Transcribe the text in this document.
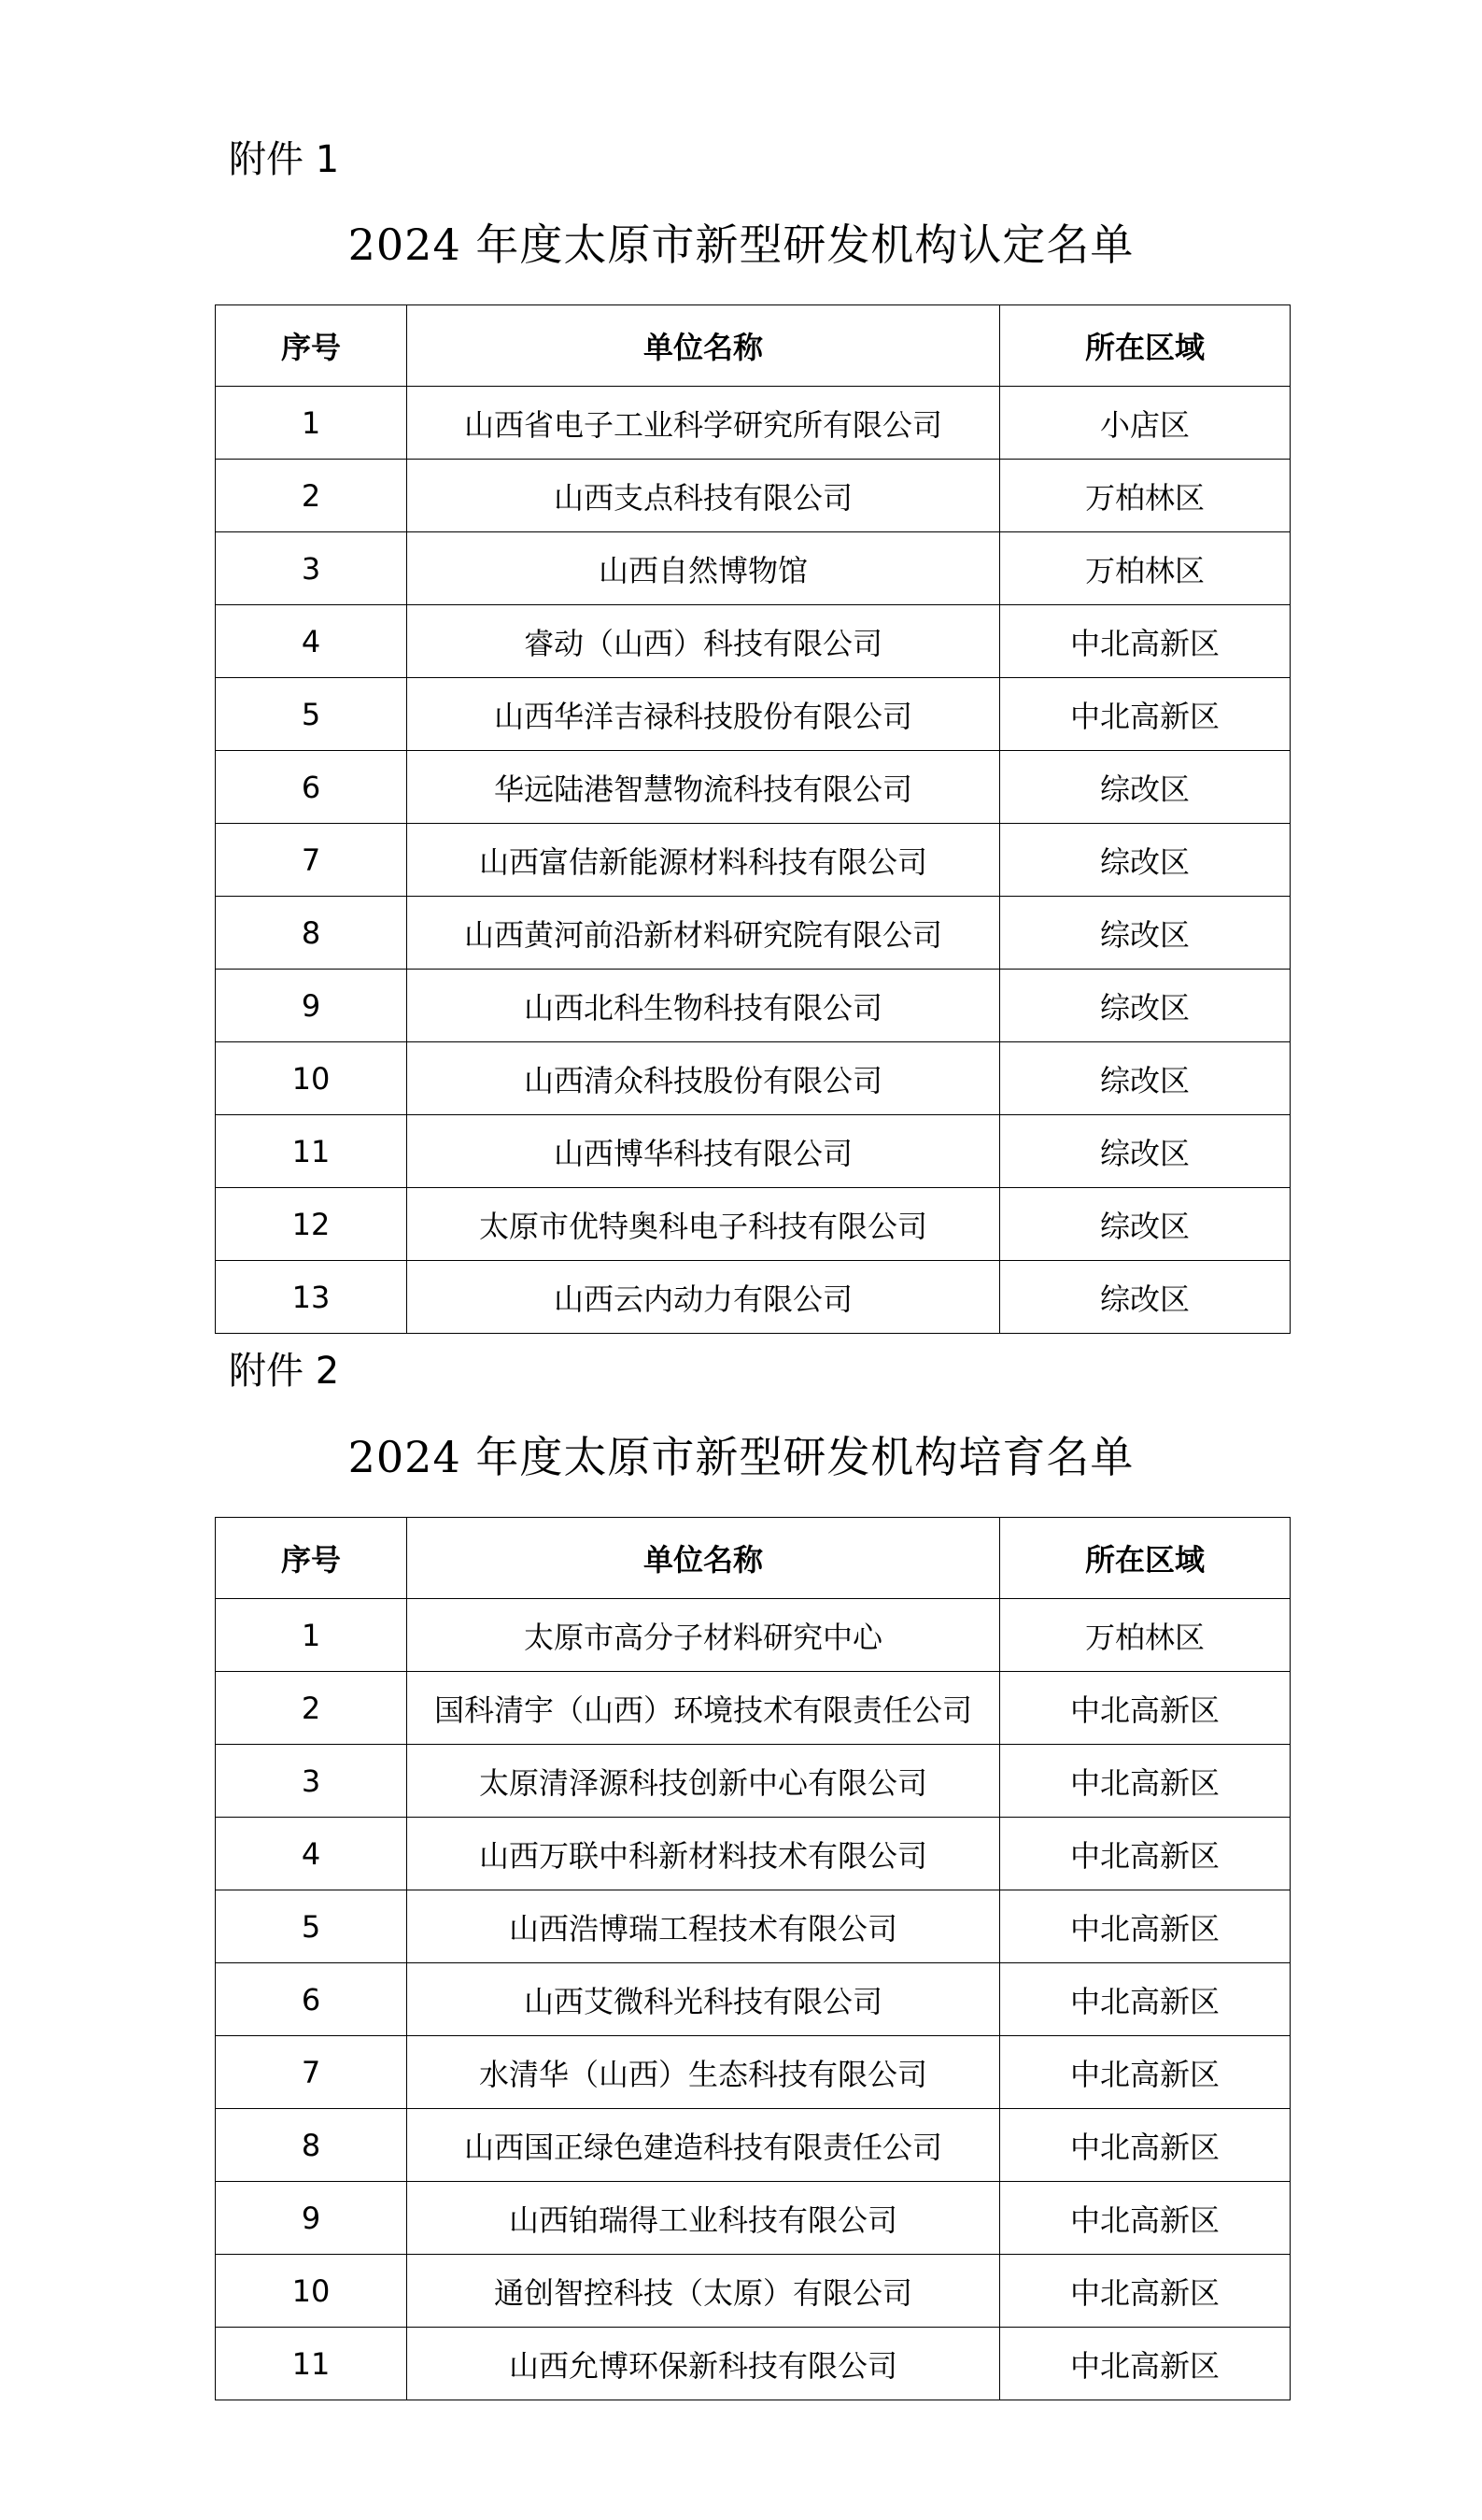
附件 1
2024 年度太原市新型研发机构认定名单
序号	单位名称	所在区域
1	山西省电子工业科学研究所有限公司	小店区
2	山西支点科技有限公司	万柏林区
3	山西自然博物馆	万柏林区
4	睿动（山西）科技有限公司	中北高新区
5	山西华洋吉禄科技股份有限公司	中北高新区
6	华远陆港智慧物流科技有限公司	综改区
7	山西富佶新能源材料科技有限公司	综改区
8	山西黄河前沿新材料研究院有限公司	综改区
9	山西北科生物科技有限公司	综改区
10	山西清众科技股份有限公司	综改区
11	山西博华科技有限公司	综改区
12	太原市优特奥科电子科技有限公司	综改区
13	山西云内动力有限公司	综改区
附件 2
2024 年度太原市新型研发机构培育名单
序号	单位名称	所在区域
1	太原市高分子材料研究中心	万柏林区
2	国科清宇（山西）环境技术有限责任公司	中北高新区
3	太原清泽源科技创新中心有限公司	中北高新区
4	山西万联中科新材料技术有限公司	中北高新区
5	山西浩博瑞工程技术有限公司	中北高新区
6	山西艾微科光科技有限公司	中北高新区
7	水清华（山西）生态科技有限公司	中北高新区
8	山西国正绿色建造科技有限责任公司	中北高新区
9	山西铂瑞得工业科技有限公司	中北高新区
10	通创智控科技（太原）有限公司	中北高新区
11	山西允博环保新科技有限公司	中北高新区
